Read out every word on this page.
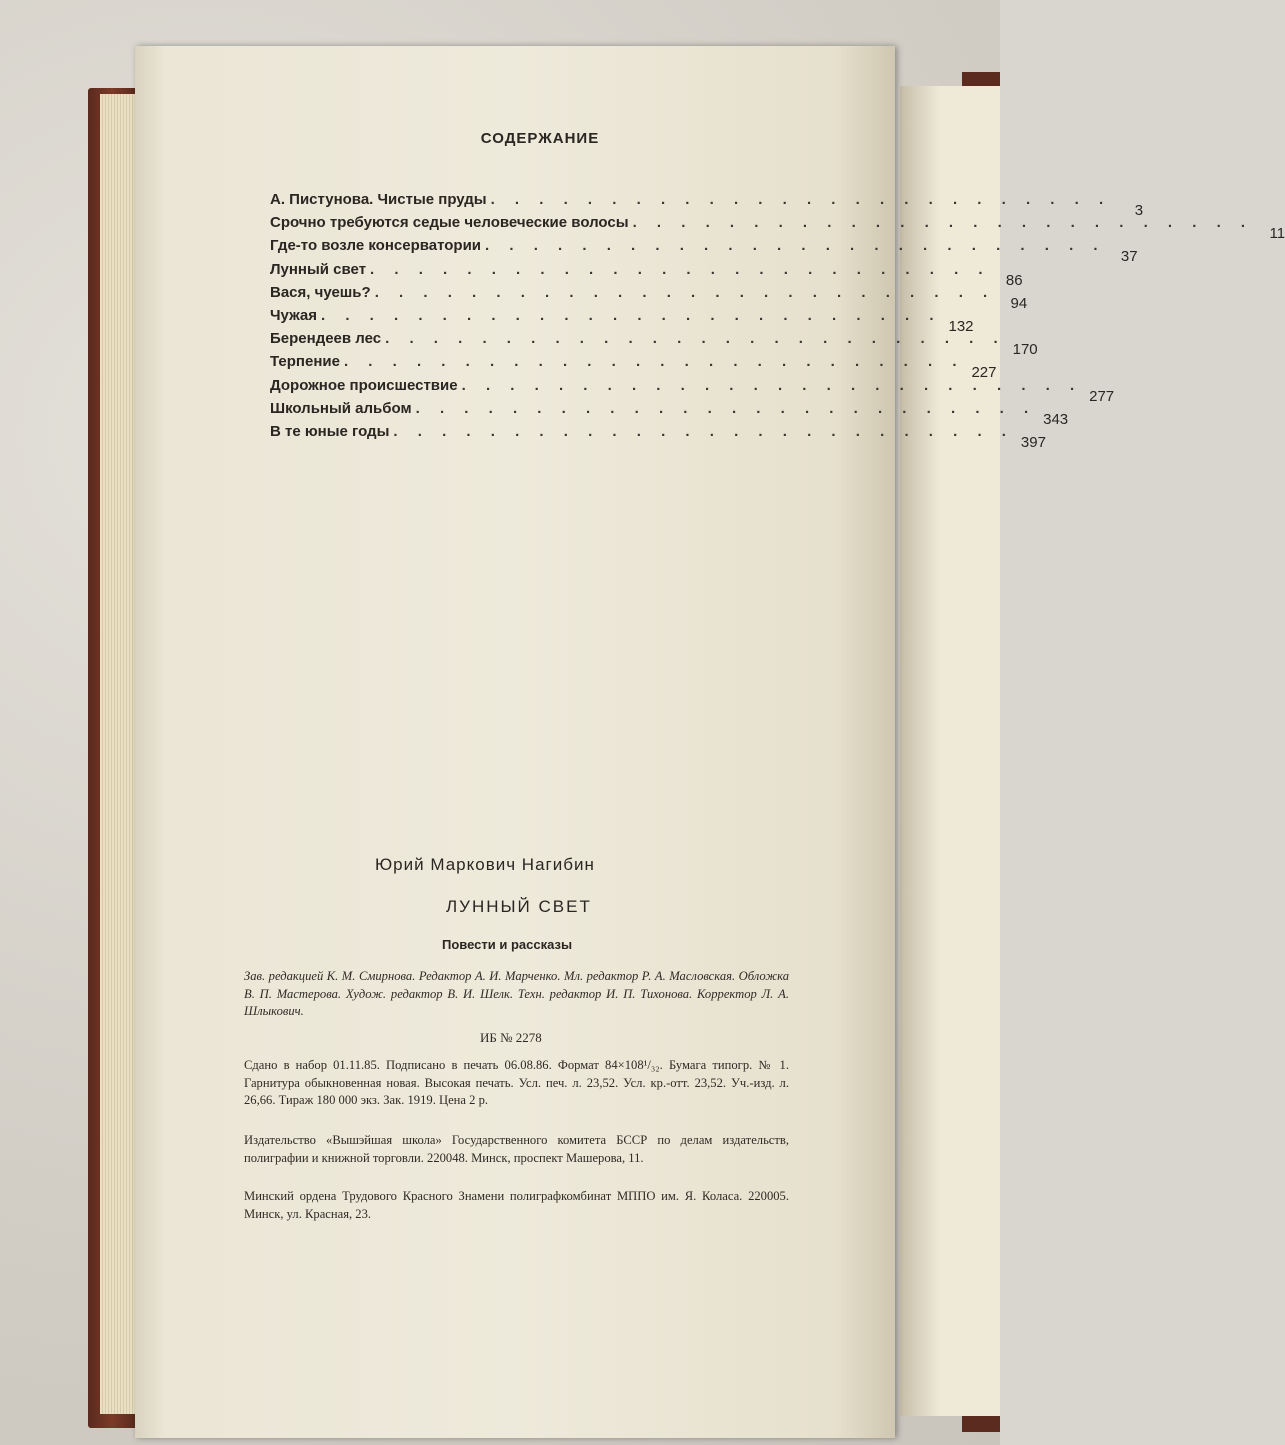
СОДЕРЖАНИЕ
А. Пистунова. Чистые пруды . . . . . . . . . . . . . . . . . . . . . . . . . .
3
Срочно требуются седые человеческие волосы . . . . . . . . . . . . . . . . . . . . . . . . . .
11
Где-то возле консерватории . . . . . . . . . . . . . . . . . . . . . . . . . .
37
Лунный свет . . . . . . . . . . . . . . . . . . . . . . . . . .
86
Вася, чуешь? . . . . . . . . . . . . . . . . . . . . . . . . . .
94
Чужая . . . . . . . . . . . . . . . . . . . . . . . . . .
132
Берендеев лес . . . . . . . . . . . . . . . . . . . . . . . . . .
170
Терпение . . . . . . . . . . . . . . . . . . . . . . . . . .
227
Дорожное происшествие . . . . . . . . . . . . . . . . . . . . . . . . . .
277
Школьный альбом . . . . . . . . . . . . . . . . . . . . . . . . . .
343
В те юные годы . . . . . . . . . . . . . . . . . . . . . . . . . .
397
Юрий Маркович Нагибин
ЛУННЫЙ СВЕТ
Повести и рассказы
Зав. редакцией К. М. Смирнова. Редактор А. И. Марченко. Мл. редактор Р. А. Масловская. Обложка В. П. Мастерова. Худож. редактор В. И. Шелк. Техн. редактор И. П. Тихонова. Корректор Л. А. Шлыкович.
ИБ № 2278
Сдано в набор 01.11.85. Подписано в печать 06.08.86. Формат 84×108¹/₃₂. Бумага типогр. № 1. Гарнитура обыкновенная новая. Высокая печать. Усл. печ. л. 23,52. Усл. кр.-отт. 23,52. Уч.-изд. л. 26,66. Тираж 180 000 экз. Зак. 1919. Цена 2 р.
Издательство «Вышэйшая школа» Государственного комитета БССР по делам издательств, полиграфии и книжной торговли. 220048. Минск, проспект Машерова, 11.
Минский ордена Трудового Красного Знамени полиграфкомбинат МППО им. Я. Коласа. 220005. Минск, ул. Красная, 23.
